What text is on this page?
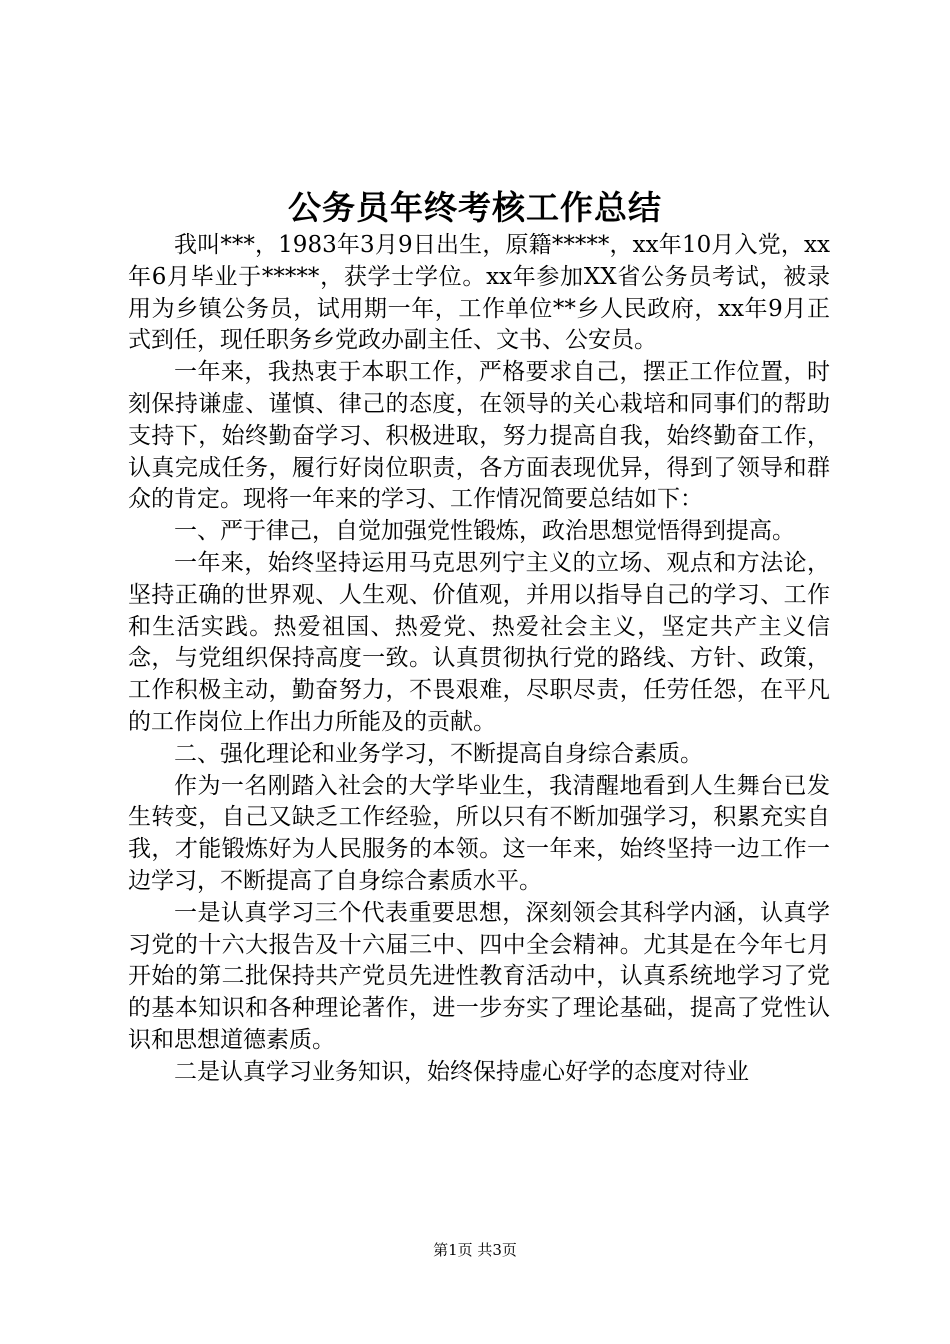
公务员年终考核工作总结

我叫***，1983年3月9日出生，原籍*****，xx年10月入党，xx年6月毕业于*****，获学士学位。xx年参加XX省公务员考试，被录用为乡镇公务员，试用期一年，工作单位**乡人民政府，xx年9月正式到任，现任职务乡党政办副主任、文书、公安员。

一年来，我热衷于本职工作，严格要求自己，摆正工作位置，时刻保持谦虚、谨慎、律己的态度，在领导的关心栽培和同事们的帮助支持下，始终勤奋学习、积极进取，努力提高自我，始终勤奋工作，认真完成任务，履行好岗位职责，各方面表现优异，得到了领导和群众的肯定。现将一年来的学习、工作情况简要总结如下：

一、严于律己，自觉加强党性锻炼，政治思想觉悟得到提高。

一年来，始终坚持运用马克思列宁主义的立场、观点和方法论，坚持正确的世界观、人生观、价值观，并用以指导自己的学习、工作和生活实践。热爱祖国、热爱党、热爱社会主义，坚定共产主义信念，与党组织保持高度一致。认真贯彻执行党的路线、方针、政策，工作积极主动，勤奋努力，不畏艰难，尽职尽责，任劳任怨，在平凡的工作岗位上作出力所能及的贡献。

二、强化理论和业务学习，不断提高自身综合素质。

作为一名刚踏入社会的大学毕业生，我清醒地看到人生舞台已发生转变，自己又缺乏工作经验，所以只有不断加强学习，积累充实自我，才能锻炼好为人民服务的本领。这一年来，始终坚持一边工作一边学习，不断提高了自身综合素质水平。

一是认真学习三个代表重要思想，深刻领会其科学内涵，认真学习党的十六大报告及十六届三中、四中全会精神。尤其是在今年七月开始的第二批保持共产党员先进性教育活动中，认真系统地学习了党的基本知识和各种理论著作，进一步夯实了理论基础，提高了党性认识和思想道德素质。

二是认真学习业务知识，始终保持虚心好学的态度对待业

第1页 共3页
